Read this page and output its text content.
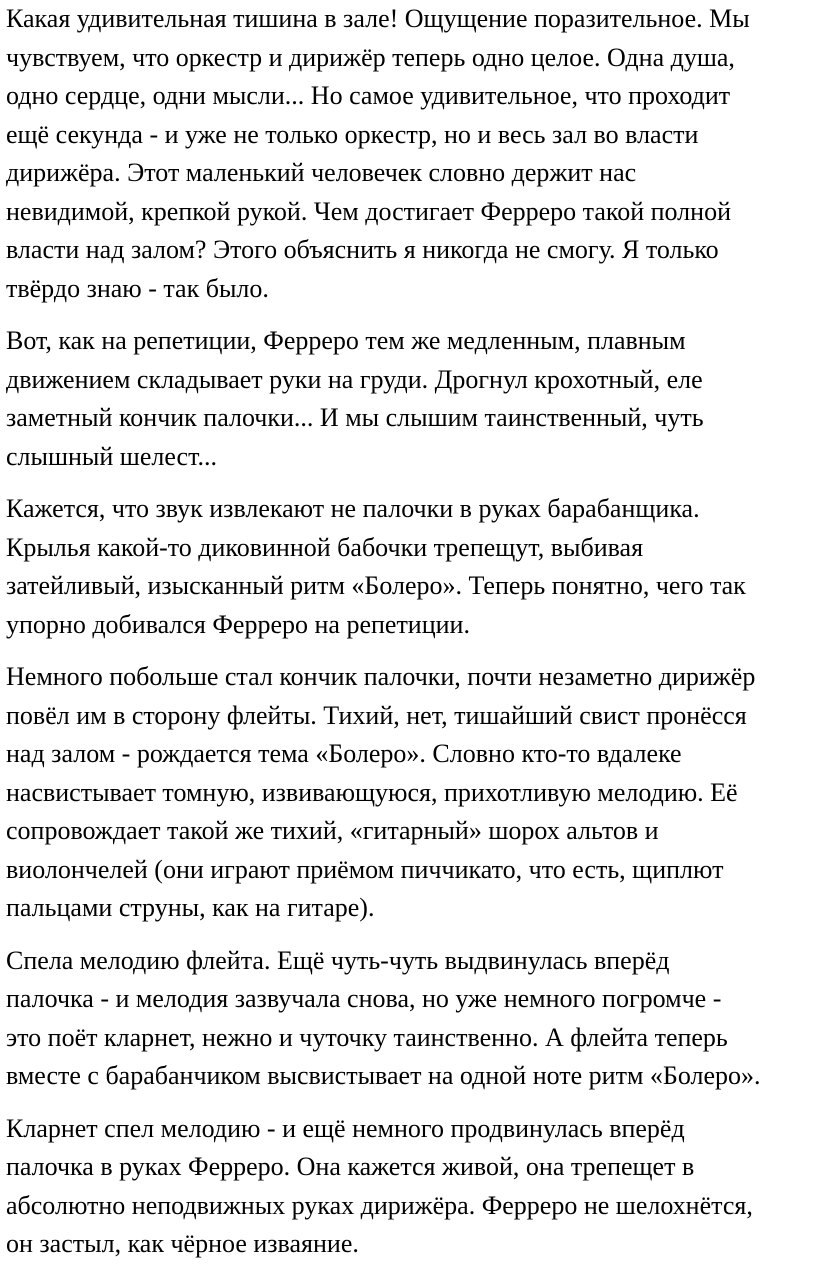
Какая удивительная тишина в зале! Ощущение поразительное. Мы
чувствуем, что оркестр и дирижёр теперь одно целое. Одна душа,
одно сердце, одни мысли... Но самое удивительное, что проходит
ещё секунда - и уже не только оркестр, но и весь зал во власти
дирижёра. Этот маленький человечек словно держит нас
невидимой, крепкой рукой. Чем достигает Ферреро такой полной
власти над залом? Этого объяснить я никогда не смогу. Я только
твёрдо знаю - так было.

Вот, как на репетиции, Ферреро тем же медленным, плавным
движением складывает руки на груди. Дрогнул крохотный, еле
заметный кончик палочки... И мы слышим таинственный, чуть
слышный шелест...

Кажется, что звук извлекают не палочки в руках барабанщика.
Крылья какой-то диковинной бабочки трепещут, выбивая
затейливый, изысканный ритм «Болеро». Теперь понятно, чего так
упорно добивался Ферреро на репетиции.

Немного побольше стал кончик палочки, почти незаметно дирижёр
повёл им в сторону флейты. Тихий, нет, тишайший свист пронёсся
над залом - рождается тема «Болеро». Словно кто-то вдалеке
насвистывает томную, извивающуюся, прихотливую мелодию. Её
сопровождает такой же тихий, «гитарный» шорох альтов и
виолончелей (они играют приёмом пиччикато, что есть, щиплют
пальцами струны, как на гитаре).

Спела мелодию флейта. Ещё чуть-чуть выдвинулась вперёд
палочка - и мелодия зазвучала снова, но уже немного погромче -
это поёт кларнет, нежно и чуточку таинственно. А флейта теперь
вместе с барабанчиком высвистывает на одной ноте ритм «Болеро».

Кларнет спел мелодию - и ещё немного продвинулась вперёд
палочка в руках Ферреро. Она кажется живой, она трепещет в
абсолютно неподвижных руках дирижёра. Ферреро не шелохнётся,
он застыл, как чёрное изваяние.
